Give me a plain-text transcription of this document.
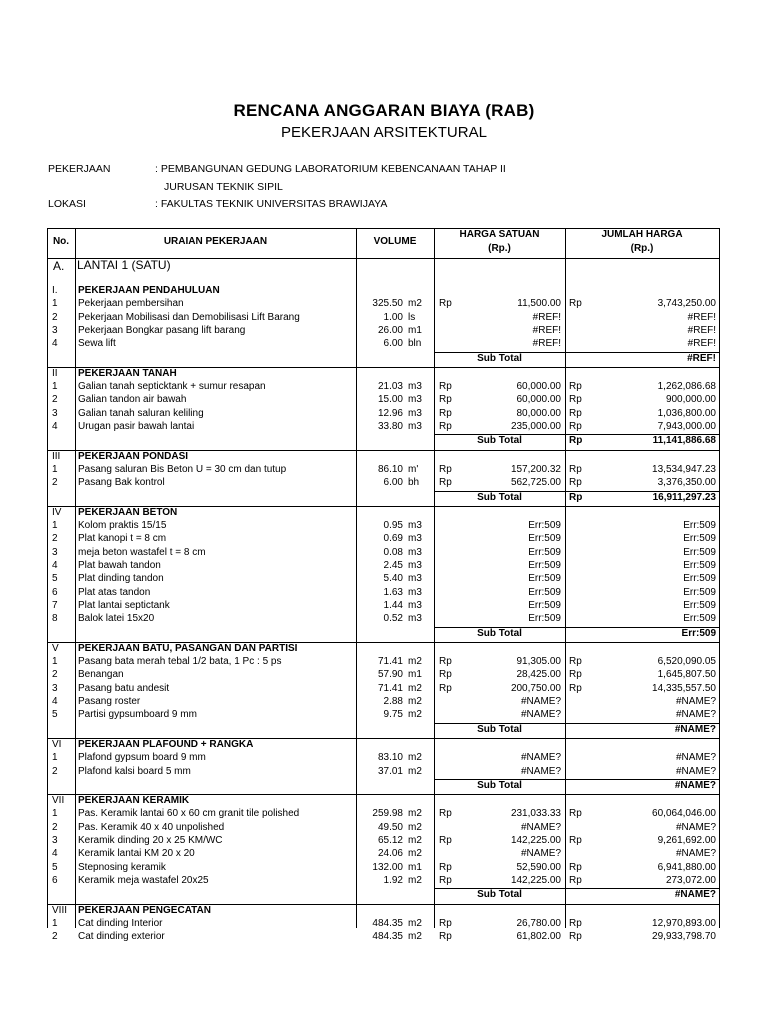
RENCANA ANGGARAN BIAYA (RAB)
PEKERJAAN ARSITEKTURAL
PEKERJAAN	: PEMBANGUNAN GEDUNG LABORATORIUM KEBENCANAAN TAHAP II
JURUSAN TEKNIK SIPIL
LOKASI	: FAKULTAS TEKNIK UNIVERSITAS BRAWIJAYA
No.	URAIAN PEKERJAAN	VOLUME
HARGA SATUAN
(Rp.)
JUMLAH HARGA
(Rp.)
A. LANTAI 1 (SATU)
I. PEKERJAAN PENDAHULUAN
1 Pekerjaan pembersihan	325.50 m2 Rp	11,500.00 Rp	3,743,250.00
2 Pekerjaan Mobilisasi dan Demobilisasi Lift Barang	1.00 ls	#REF!	#REF!
3 Pekerjaan Bongkar pasang lift barang	26.00 m1	#REF!	#REF!
4 Sewa lift	6.00 bln	#REF!	#REF!
Sub Total	#REF!
II PEKERJAAN TANAH
1 Galian tanah septicktank + sumur resapan	21.03 m3 Rp	60,000.00 Rp	1,262,086.68
2 Galian tandon air bawah	15.00 m3 Rp	60,000.00 Rp	900,000.00
3 Galian tanah saluran keliling	12.96 m3 Rp	80,000.00 Rp	1,036,800.00
4 Urugan pasir bawah lantai	33.80 m3 Rp	235,000.00 Rp	7,943,000.00
Sub Total	Rp	11,141,886.68
III PEKERJAAN PONDASI
1 Pasang saluran Bis Beton U = 30 cm dan tutup	86.10 m' Rp	157,200.32 Rp	13,534,947.23
2 Pasang Bak kontrol	6.00 bh Rp	562,725.00 Rp	3,376,350.00
Sub Total	Rp	16,911,297.23
IV PEKERJAAN BETON
1 Kolom praktis 15/15	0.95 m3	Err:509	Err:509
2 Plat kanopi t = 8 cm	0.69 m3	Err:509	Err:509
3 meja beton wastafel t = 8 cm	0.08 m3	Err:509	Err:509
4 Plat bawah tandon	2.45 m3	Err:509	Err:509
5 Plat dinding tandon	5.40 m3	Err:509	Err:509
6 Plat atas tandon	1.63 m3	Err:509	Err:509
7 Plat lantai septictank	1.44 m3	Err:509	Err:509
8 Balok latei 15x20	0.52 m3	Err:509	Err:509
Sub Total	Err:509
V PEKERJAAN BATU, PASANGAN DAN PARTISI
1 Pasang bata merah tebal 1/2 bata, 1 Pc : 5 ps	71.41 m2 Rp	91,305.00 Rp	6,520,090.05
2 Benangan	57.90 m1 Rp	28,425.00 Rp	1,645,807.50
3 Pasang batu andesit	71.41 m2 Rp	200,750.00 Rp	14,335,557.50
4 Pasang roster	2.88 m2	#NAME?	#NAME?
5 Partisi gypsumboard 9 mm	9.75 m2	#NAME?	#NAME?
Sub Total	#NAME?
VI PEKERJAAN PLAFOUND + RANGKA
1 Plafond gypsum board 9 mm	83.10 m2	#NAME?	#NAME?
2 Plafond kalsi board 5 mm	37.01 m2	#NAME?	#NAME?
Sub Total	#NAME?
VII PEKERJAAN KERAMIK
1 Pas. Keramik lantai 60 x 60 cm granit tile polished	259.98 m2 Rp	231,033.33 Rp	60,064,046.00
2 Pas. Keramik 40 x 40 unpolished	49.50 m2	#NAME?	#NAME?
3 Keramik dinding 20 x 25 KM/WC	65.12 m2 Rp	142,225.00 Rp	9,261,692.00
4 Keramik lantai KM 20 x 20	24.06 m2	#NAME?	#NAME?
5 Stepnosing keramik	132.00 m1 Rp	52,590.00 Rp	6,941,880.00
6 Keramik meja wastafel 20x25	1.92 m2 Rp	142,225.00 Rp	273,072.00
Sub Total	#NAME?
VIII PEKERJAAN PENGECATAN
1 Cat dinding Interior	484.35 m2 Rp	26,780.00 Rp	12,970,893.00
2 Cat dinding exterior	484.35 m2 Rp	61,802.00 Rp	29,933,798.70
